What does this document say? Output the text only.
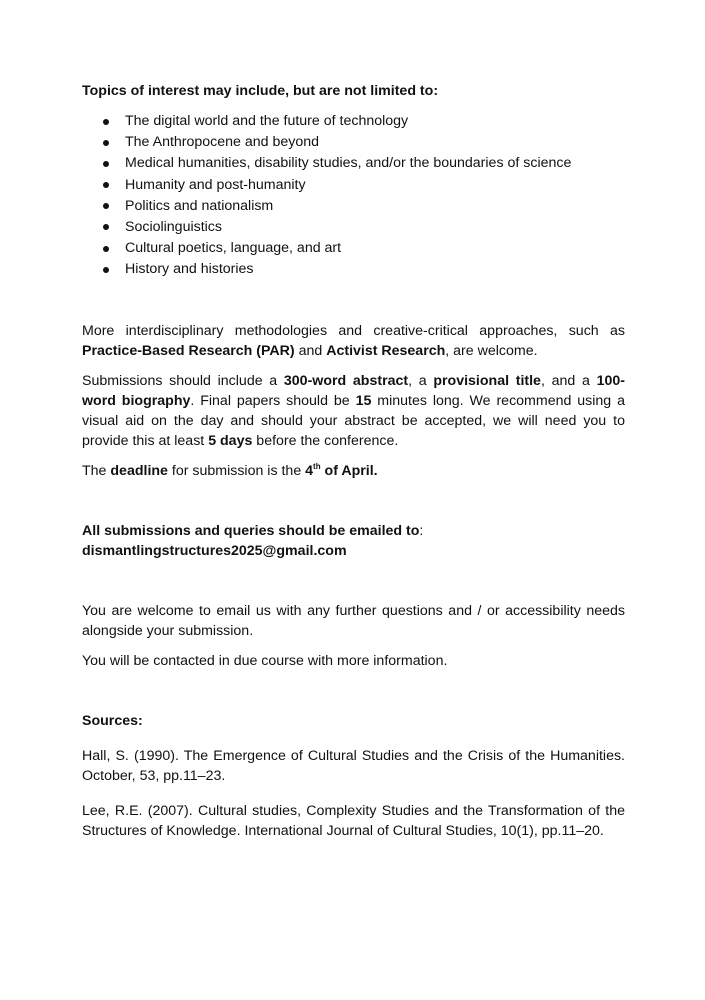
Topics of interest may include, but are not limited to:
The digital world and the future of technology
The Anthropocene and beyond
Medical humanities, disability studies, and/or the boundaries of science
Humanity and post-humanity
Politics and nationalism
Sociolinguistics
Cultural poetics, language, and art
History and histories

More interdisciplinary methodologies and creative-critical approaches, such as Practice-Based Research (PAR) and Activist Research, are welcome.

Submissions should include a 300-word abstract, a provisional title, and a 100-word biography. Final papers should be 15 minutes long. We recommend using a visual aid on the day and should your abstract be accepted, we will need you to provide this at least 5 days before the conference.

The deadline for submission is the 4th of April.

All submissions and queries should be emailed to:
dismantlingstructures2025@gmail.com

You are welcome to email us with any further questions and / or accessibility needs alongside your submission.

You will be contacted in due course with more information.

Sources:

Hall, S. (1990). The Emergence of Cultural Studies and the Crisis of the Humanities. October, 53, pp.11–23.

Lee, R.E. (2007). Cultural studies, Complexity Studies and the Transformation of the Structures of Knowledge. International Journal of Cultural Studies, 10(1), pp.11–20.
